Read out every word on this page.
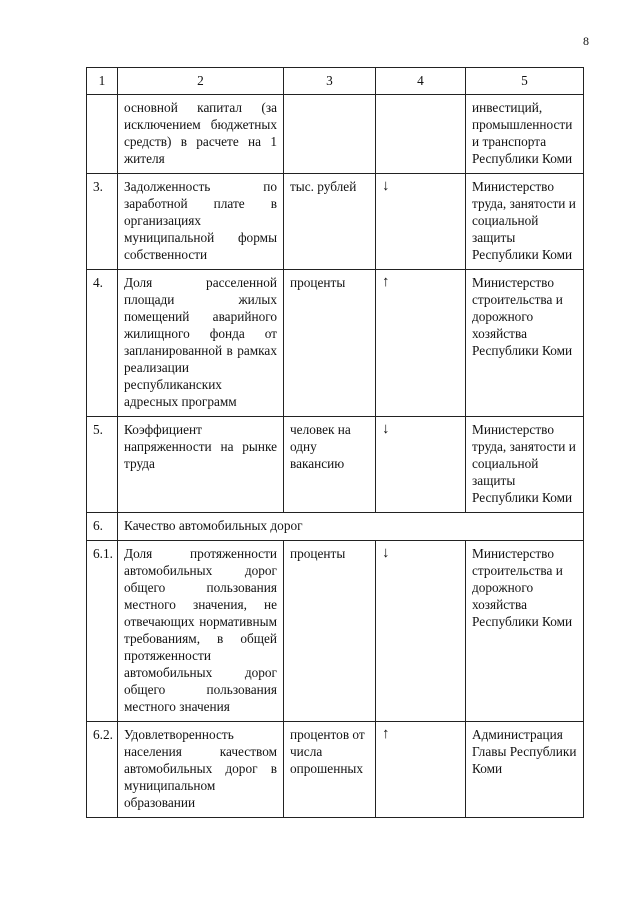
8
1	2	3	4	5
	основной капитал (за исключением бюджетных средств) в расчете на 1 жителя			инвестиций, промышленности и транспорта Республики Коми
3.	Задолженность по заработной плате в организациях муниципальной формы собственности	тыс. рублей	↓	Министерство труда, занятости и социальной защиты Республики Коми
4.	Доля расселенной площади жилых помещений аварийного жилищного фонда от запланированной в рамках реализации республиканских адресных программ	проценты	↑	Министерство строительства и дорожного хозяйства Республики Коми
5.	Коэффициент напряженности на рынке труда	человек на одну вакансию	↓	Министерство труда, занятости и социальной защиты Республики Коми
6.	Качество автомобильных дорог			
6.1.	Доля протяженности автомобильных дорог общего пользования местного значения, не отвечающих нормативным требованиям, в общей протяженности автомобильных дорог общего пользования местного значения	проценты	↓	Министерство строительства и дорожного хозяйства Республики Коми
6.2.	Удовлетворенность населения качеством автомобильных дорог в муниципальном образовании	процентов от числа опрошенных	↑	Администрация Главы Республики Коми
